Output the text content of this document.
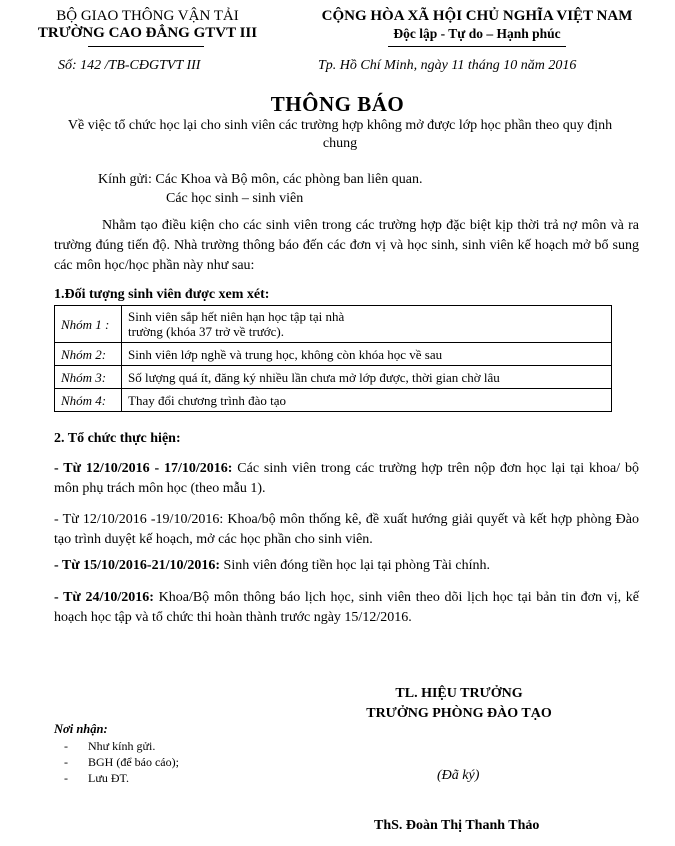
BỘ GIAO THÔNG VẬN TẢI
TRƯỜNG CAO ĐẲNG GTVT III
CỘNG HÒA XÃ HỘI CHỦ NGHĨA VIỆT NAM
Độc lập - Tự do – Hạnh phúc
Số: 142 /TB-CĐGTVT III	Tp. Hồ Chí Minh, ngày 11 tháng 10 năm 2016
THÔNG BÁO
Về việc tổ chức học lại cho sinh viên các trường hợp không mở được lớp học phần theo quy định chung
Kính gửi: Các Khoa và Bộ môn, các phòng ban liên quan.
Các học sinh – sinh viên
Nhằm tạo điều kiện cho các sinh viên trong các trường hợp đặc biệt kịp thời trả nợ môn và ra trường đúng tiến độ. Nhà trường thông báo đến các đơn vị và học sinh, sinh viên kế hoạch mở bổ sung các môn học/học phần này như sau:
1.Đối tượng sinh viên được xem xét:
Nhóm 1 :	Sinh viên sắp hết niên hạn học tập tại nhà
trường (khóa 37 trở về trước).

Nhóm 2:	Sinh viên lớp nghề và trung học, không còn khóa học về sau
Nhóm 3:	Số lượng quá ít, đăng ký nhiều lần chưa mở lớp được, thời gian chờ lâu
Nhóm 4:	Thay đổi chương trình đào tạo
2. Tổ chức thực hiện:
- Từ 12/10/2016 - 17/10/2016: Các sinh viên trong các trường hợp trên nộp đơn học lại tại khoa/ bộ môn phụ trách môn học (theo mẫu 1).
- Từ 12/10/2016 -19/10/2016: Khoa/bộ môn thống kê, đề xuất hướng giải quyết và kết hợp phòng Đào tạo trình duyệt kế hoạch, mở các học phần cho sinh viên.
- Từ 15/10/2016-21/10/2016: Sinh viên đóng tiền học lại tại phòng Tài chính.
- Từ 24/10/2016: Khoa/Bộ môn thông báo lịch học, sinh viên theo dõi lịch học tại bản tin đơn vị, kế hoạch học tập và tổ chức thi hoàn thành trước ngày 15/12/2016.
TL. HIỆU TRƯỞNG
TRƯỞNG PHÒNG ĐÀO TẠO
Nơi nhận:
- Như kính gửi.
- BGH (để báo cáo);
- Lưu ĐT.	(Đã ký)
ThS. Đoàn Thị Thanh Thảo
